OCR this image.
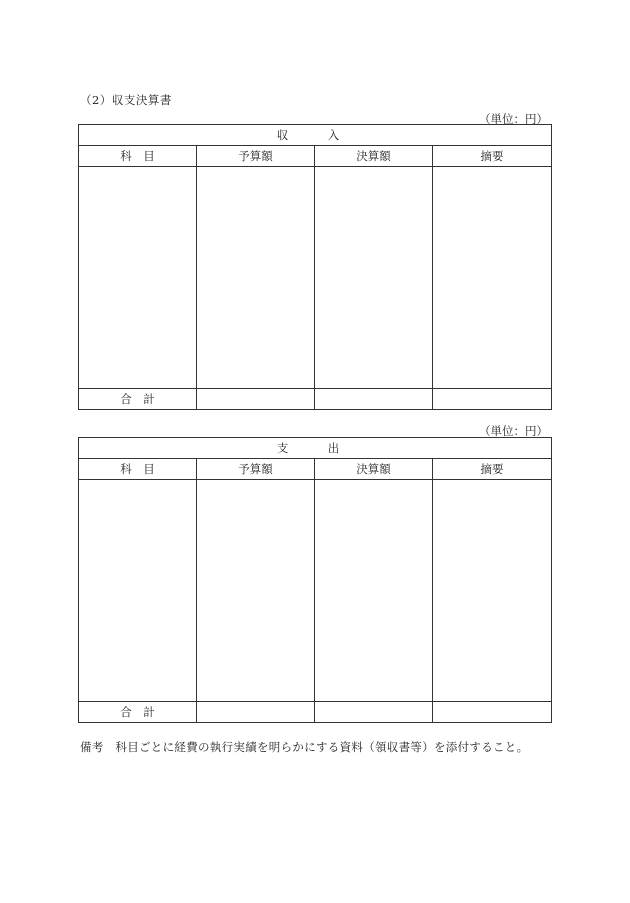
（2）収支決算書
（単位：円）
収　入			
科　目	予算額	決算額	摘要

合　計			
（単位：円）
支　出			
科　目	予算額	決算額	摘要

合　計			
備考　科目ごとに経費の執行実績を明らかにする資料（領収書等）を添付すること。
